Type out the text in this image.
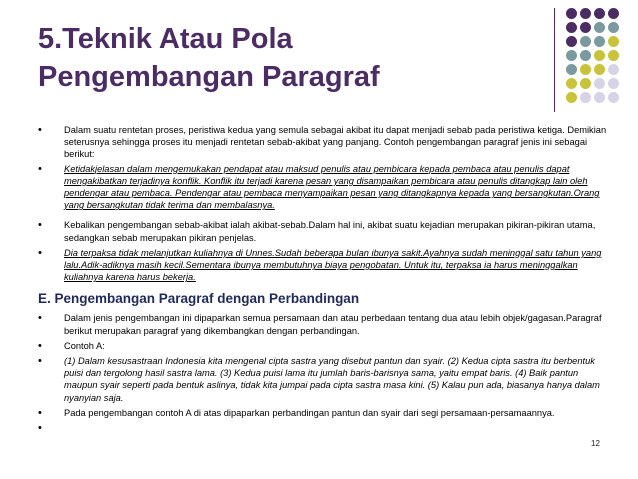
5.Teknik Atau Pola
Pengembangan Paragraf
• Dalam suatu rentetan proses, peristiwa kedua yang semula sebagai akibat itu dapat menjadi sebab pada peristiwa ketiga. Demikian seterusnya sehingga proses itu menjadi rentetan sebab-akibat yang panjang. Contoh pengembangan paragraf jenis ini sebagai berikut:
• Ketidakjelasan dalam mengemukakan pendapat atau maksud penulis atau pembicara kepada pembaca atau penulis dapat mengakibatkan terjadinya konflik. Konflik itu terjadi karena pesan yang disampaikan pembicara atau penulis ditangkap lain oleh pendengar atau pembaca. Pendengar atau pembaca menyampaikan pesan yang ditangkapnya kepada yang bersangkutan.Orang yang bersangkutan tidak terima dan membalasnya.
• Kebalikan pengembangan sebab-akibat ialah akibat-sebab.Dalam hal ini, akibat suatu kejadian merupakan pikiran-pikiran utama, sedangkan sebab merupakan pikiran penjelas.
• Dia terpaksa tidak melanjutkan kuliahnya di Unnes.Sudah beberapa bulan ibunya sakit.Ayahnya sudah meninggal satu tahun yang lalu.Adik-adiknya masih kecil.Sementara ibunya membutuhnya biaya pengobatan. Untuk itu, terpaksa ia harus meninggalkan kuliahnya karena harus bekerja.

E. Pengembangan Paragraf dengan Perbandingan

• Dalam jenis pengembangan ini dipaparkan semua persamaan dan atau perbedaan tentang dua atau lebih objek/gagasan.Paragraf berikut merupakan paragraf yang dikembangkan dengan perbandingan.
• Contoh A:
• (1) Dalam kesusastraan Indonesia kita mengenal cipta sastra yang disebut pantun dan syair. (2) Kedua cipta sastra itu berbentuk puisi dan tergolong hasil sastra lama. (3) Kedua puisi lama itu jumlah baris-barisnya sama, yaitu empat baris. (4) Baik pantun maupun syair seperti pada bentuk aslinya, tidak kita jumpai pada cipta sastra masa kini. (5) Kalau pun ada, biasanya hanya dalam nyanyian saja.
• Pada pengembangan contoh A di atas dipaparkan perbandingan pantun dan syair dari segi persamaan-persamaannya.
•
12
